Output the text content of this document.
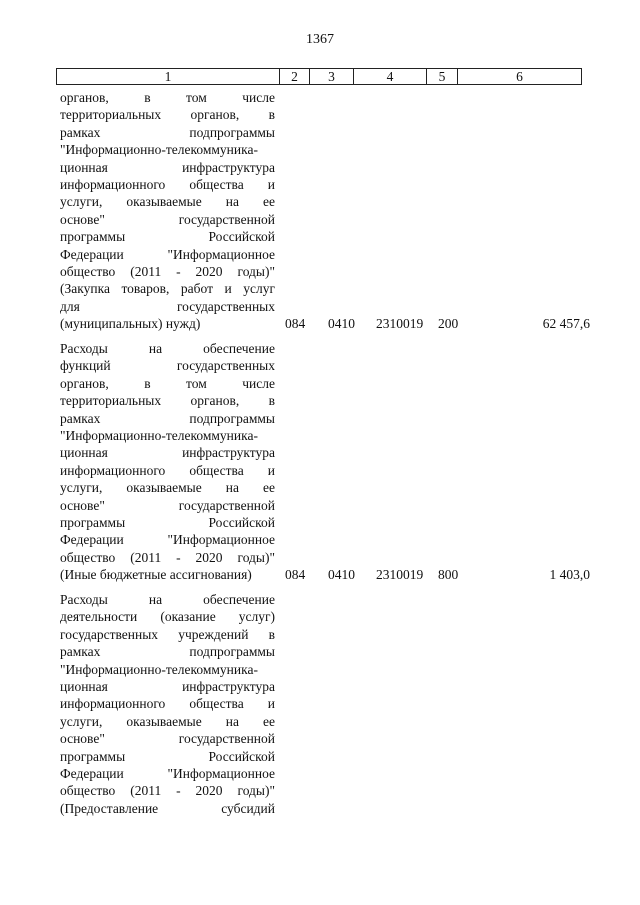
1367
1	2	3	4	5	6
органов, в том числе
территориальных органов, в
рамках подпрограммы
"Информационно-телекоммуника-
ционная инфраструктура
информационного общества и
услуги, оказываемые на ее
основе" государственной
программы Российской
Федерации "Информационное
общество (2011 - 2020 годы)"
(Закупка товаров, работ и услуг
для государственных
(муниципальных) нужд)	084 0410 2310019 200	62 457,6
Расходы на обеспечение
функций государственных
органов, в том числе
территориальных органов, в
рамках подпрограммы
"Информационно-телекоммуника-
ционная инфраструктура
информационного общества и
услуги, оказываемые на ее
основе" государственной
программы Российской
Федерации "Информационное
общество (2011 - 2020 годы)"
(Иные бюджетные ассигнования)	084 0410 2310019 800	1 403,0
Расходы на обеспечение
деятельности (оказание услуг)
государственных учреждений в
рамках подпрограммы
"Информационно-телекоммуника-
ционная инфраструктура
информационного общества и
услуги, оказываемые на ее
основе" государственной
программы Российской
Федерации "Информационное
общество (2011 - 2020 годы)"
(Предоставление субсидий
